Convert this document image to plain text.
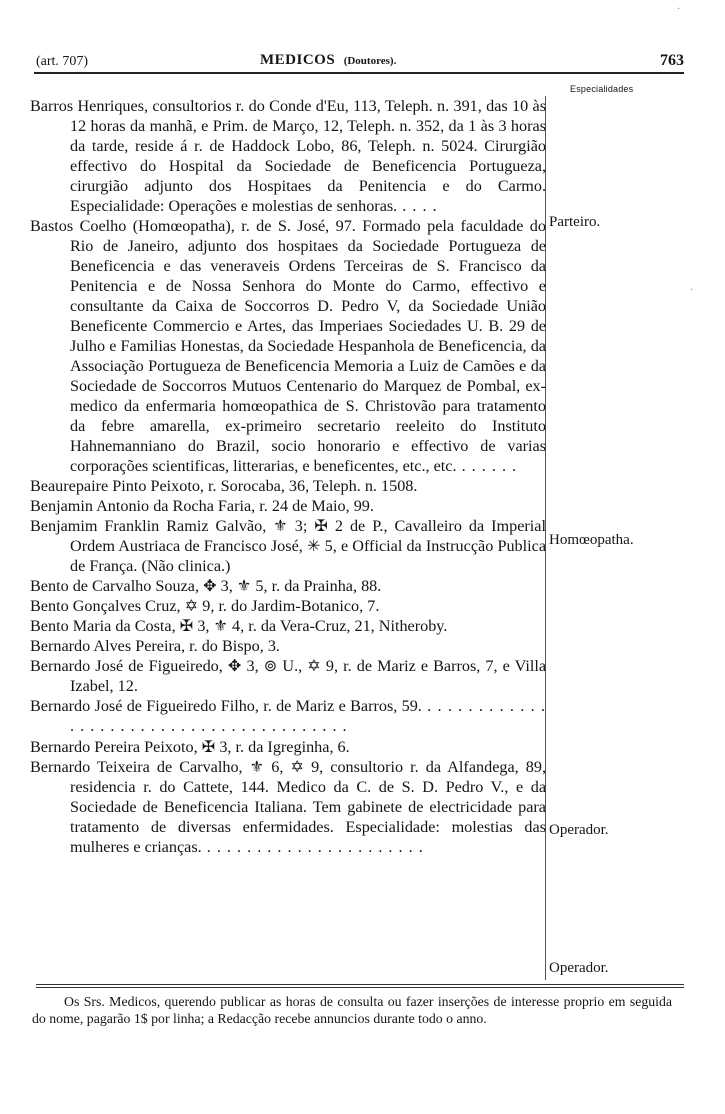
(art. 707)	MEDICOS (Doutores).	763
Especialidades
Barros Henriques, consultorios r. do Conde d'Eu, 113, Teleph. n. 391, das 10 às 12 horas da manhã, e Prim. de Março, 12, Teleph. n. 352, da 1 às 3 horas da tarde, reside á r. de Haddock Lobo, 86, Teleph. n. 5024. Cirurgião effectivo do Hospital da Sociedade de Beneficencia Portugueza, cirurgião adjunto dos Hospitaes da Penitencia e do Carmo. Especialidade: Operações e molestias de senhoras. . . . .
Bastos Coelho (Homœopatha), r. de S. José, 97. Formado pela faculdade do Rio de Janeiro, adjunto dos hospitaes da Sociedade Portugueza de Beneficencia e das veneraveis Ordens Terceiras de S. Francisco da Penitencia e de Nossa Senhora do Monte do Carmo, effectivo e consultante da Caixa de Soccorros D. Pedro V, da Sociedade União Beneficente Commercio e Artes, das Imperiaes Sociedades U. B. 29 de Julho e Familias Honestas, da Sociedade Hespanhola de Beneficencia, da Associação Portugueza de Beneficencia Memoria a Luiz de Camões e da Sociedade de Soccorros Mutuos Centenario do Marquez de Pombal, ex-medico da enfermaria homœopathica de S. Christovão para tratamento da febre amarella, ex-primeiro secretario reeleito do Instituto Hahnemanniano do Brazil, socio honorario e effectivo de varias corporações scientificas, litterarias, e beneficentes, etc., etc. . . . . . .
Beaurepaire Pinto Peixoto, r. Sorocaba, 36, Teleph. n. 1508.
Benjamin Antonio da Rocha Faria, r. 24 de Maio, 99.
Benjamim Franklin Ramiz Galvão, ⚜ 3; ✠ 2 de P., Cavalleiro da Imperial Ordem Austriaca de Francisco José, ✳ 5, e Official da Instrucção Publica de França. (Não clinica.)
Bento de Carvalho Souza, ✥ 3, ⚜ 5, r. da Prainha, 88.
Bento Gonçalves Cruz, ✡ 9, r. do Jardim-Botanico, 7.
Bento Maria da Costa, ✠ 3, ⚜ 4, r. da Vera-Cruz, 21, Nitheroby.
Bernardo Alves Pereira, r. do Bispo, 3.
Bernardo José de Figueiredo, ✥ 3, ⊚ U., ✡ 9, r. de Mariz e Barros, 7, e Villa Izabel, 12.
Bernardo José de Figueiredo Filho, r. de Mariz e Barros, 59. . . . . . . . . . . . . . . . . . . . . . . . . . . . . . . . . . . . . . . . .
Bernardo Pereira Peixoto, ✠ 3, r. da Igreginha, 6.
Bernardo Teixeira de Carvalho, ⚜ 6, ✡ 9, consultorio r. da Alfandega, 89, residencia r. do Cattete, 144. Medico da C. de S. D. Pedro V., e da Sociedade de Beneficencia Italiana. Tem gabinete de electricidade para tratamento de diversas enfermidades. Especialidade: molestias das mulheres e crianças. . . . . . . . . . . . . . . . . . . . . . .
Parteiro.
Homœopatha.
Operador.
Operador.
Os Srs. Medicos, querendo publicar as horas de consulta ou fazer inserções de interesse proprio em seguida do nome, pagarão 1$ por linha; a Redacção recebe annuncios durante todo o anno.
·
·
